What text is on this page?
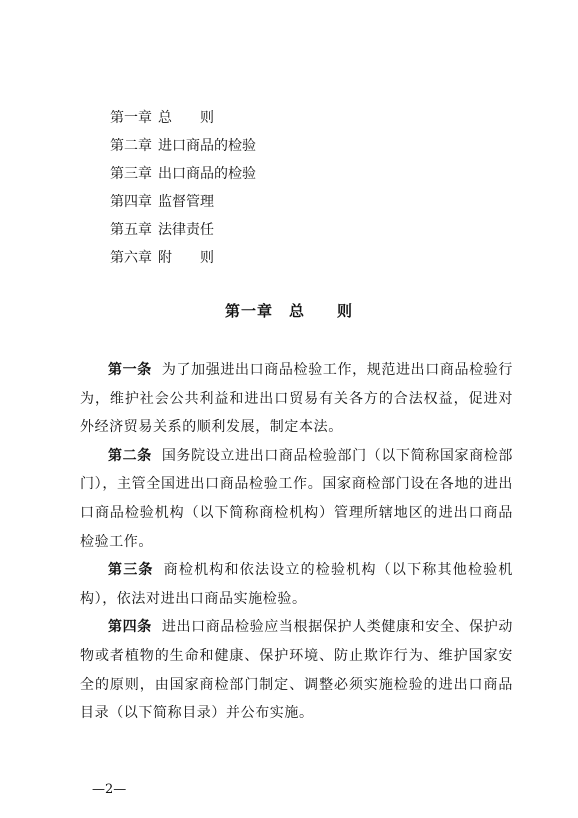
第一章 总　　则
第二章 进口商品的检验
第三章 出口商品的检验
第四章 监督管理
第五章 法律责任
第六章 附　　则
第一章　总　　则

第一条 为了加强进出口商品检验工作，规范进出口商品检验行为，维护社会公共利益和进出口贸易有关各方的合法权益，促进对外经济贸易关系的顺利发展，制定本法。

第二条 国务院设立进出口商品检验部门（以下简称国家商检部门），主管全国进出口商品检验工作。国家商检部门设在各地的进出口商品检验机构（以下简称商检机构）管理所辖地区的进出口商品检验工作。

第三条 商检机构和依法设立的检验机构（以下称其他检验机构），依法对进出口商品实施检验。

第四条 进出口商品检验应当根据保护人类健康和安全、保护动物或者植物的生命和健康、保护环境、防止欺诈行为、维护国家安全的原则，由国家商检部门制定、调整必须实施检验的进出口商品目录（以下简称目录）并公布实施。

—2—
